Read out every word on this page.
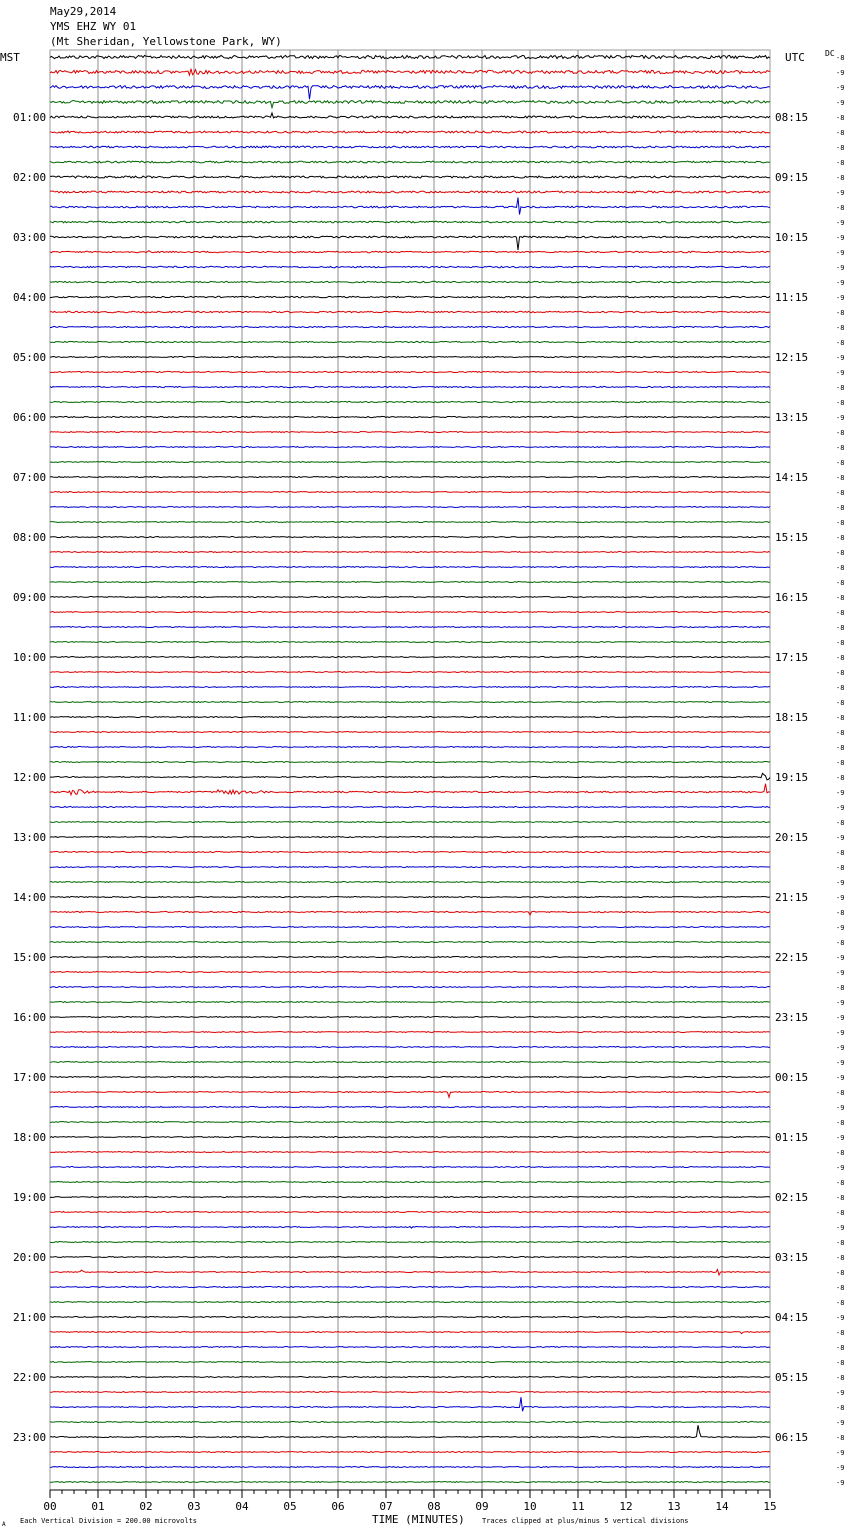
May29,2014
YMS EHZ WY 01
(Mt Sheridan, Yellowstone Park, WY)
MST	UTC	DC
01:00
02:00
03:00
04:00
05:00
06:00
07:00
08:00
09:00
10:00
11:00
12:00
13:00
14:00
15:00
16:00
17:00
18:00
19:00
20:00
21:00
22:00
23:00
08:15
09:15
10:15
11:15
12:15
13:15
14:15
15:15
16:15
17:15
18:15
19:15
20:15
21:15
22:15
23:15
00:15
01:15
02:15
03:15
04:15
05:15
06:15
-8
-9
-9
-9
-8
-8
-8
-8
-8
-9
-8
-9
-9
-9
-9
-9
-9
-8
-8
-8
-9
-9
-8
-8
-9
-8
-8
-8
-8
-8
-8
-8
-8
-8
-8
-8
-8
-8
-8
-8
-8
-8
-8
-8
-8
-8
-8
-8
-8
-9
-9
-8
-9
-8
-8
-9
-9
-8
-9
-8
-9
-9
-8
-9
-9
-9
-9
-9
-9
-8
-9
-8
-9
-8
-9
-8
-8
-8
-9
-8
-8
-8
-8
-8
-9
-8
-8
-8
-8
-9
-8
-9
-8
-9
-9
-9
00	01	02	03	04	05	06	07	08	09	10	11	12	13	14	15
TIME (MINUTES)
Each Vertical Division = 200.00 microvolts	Traces clipped at plus/minus 5 vertical divisions
A
